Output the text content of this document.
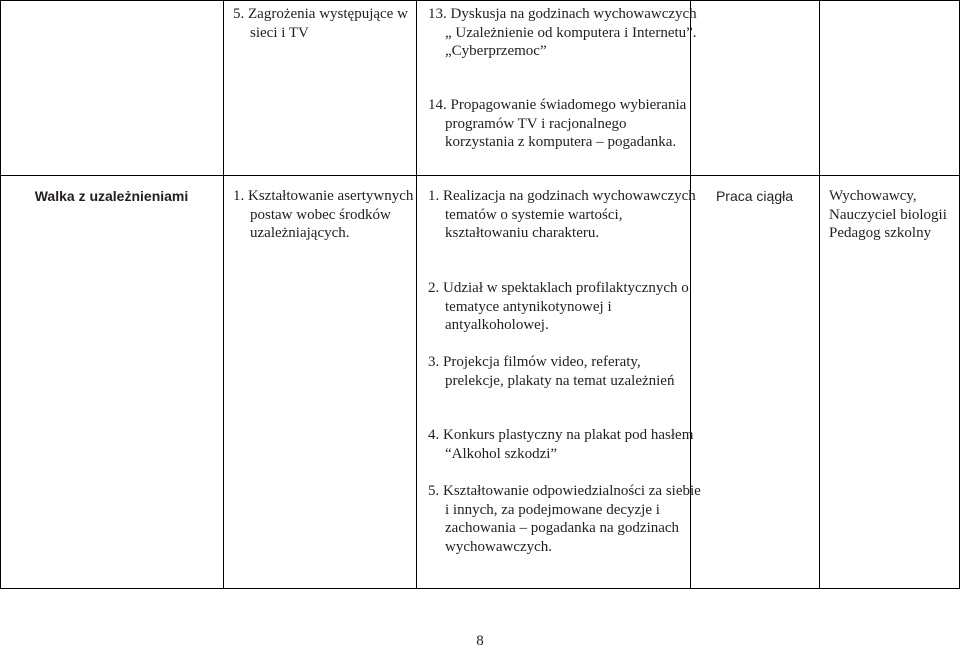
5. Zagrożenia występujące w sieci i TV
13. Dyskusja na godzinach wychowawczych „ Uzależnienie od komputera i Internetu”. „Cyberprzemoc”
14. Propagowanie świadomego wybierania programów TV i racjonalnego korzystania z komputera – pogadanka.
Walka z uzależnieniami	1. Kształtowanie asertywnych postaw wobec środków uzależniających.
1. Realizacja na godzinach wychowawczych tematów o systemie wartości, kształtowaniu charakteru.
2. Udział w spektaklach profilaktycznych o tematyce antynikotynowej i antyalkoholowej.
3. Projekcja filmów video, referaty, prelekcje, plakaty na temat uzależnień
4. Konkurs plastyczny na plakat pod hasłem “Alkohol szkodzi”
5. Kształtowanie odpowiedzialności za siebie i innych, za podejmowane decyzje i zachowania – pogadanka na godzinach wychowawczych.
Praca ciągła	Wychowawcy, Nauczyciel biologii Pedagog szkolny
8
